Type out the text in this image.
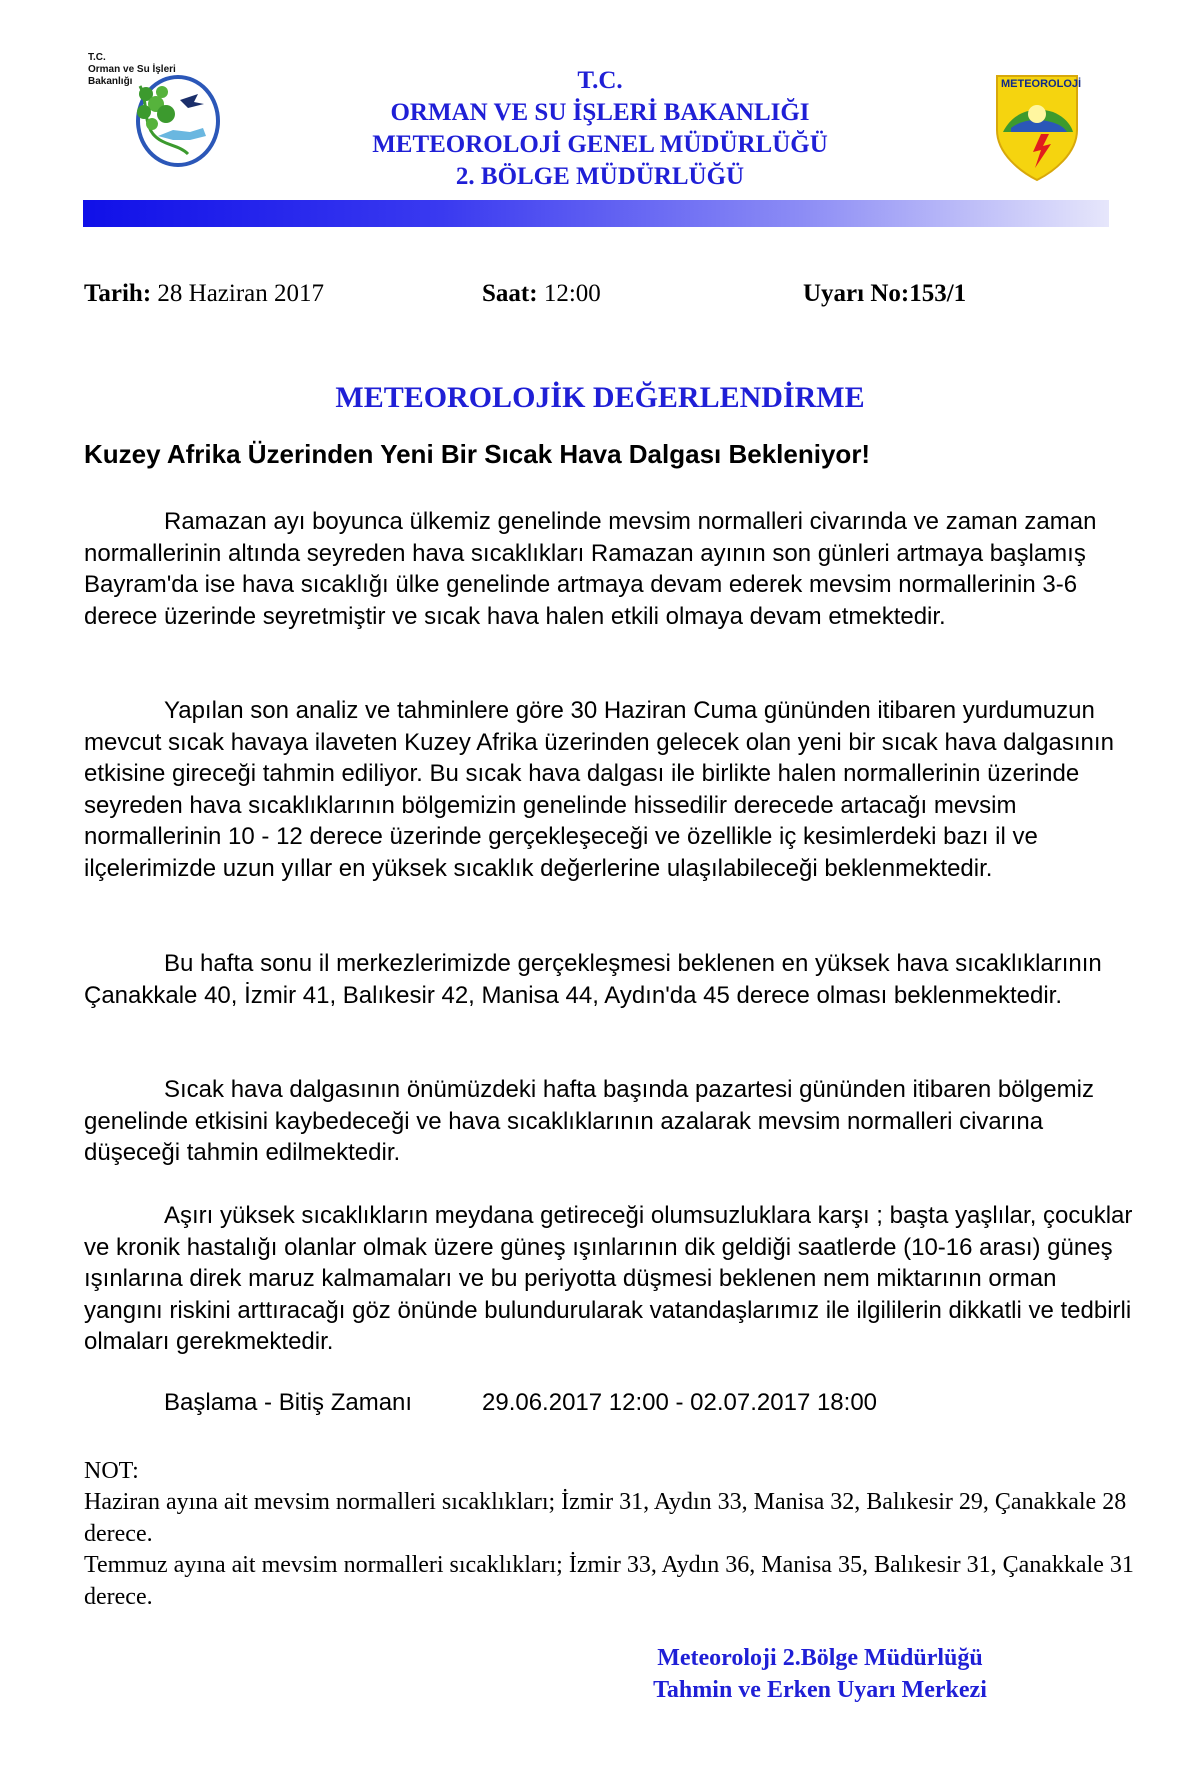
T.C.
Orman ve Su İşleri
Bakanlığı	METEOROLOJİ
T.C.
ORMAN VE SU İŞLERİ BAKANLIĞI
METEOROLOJİ GENEL MÜDÜRLÜĞÜ
2. BÖLGE MÜDÜRLÜĞÜ
Tarih: 28 Haziran 2017	Saat: 12:00	Uyarı No:153/1
METEOROLOJİK DEĞERLENDİRME
Kuzey Afrika Üzerinden Yeni Bir Sıcak Hava Dalgası Bekleniyor!

Ramazan ayı boyunca ülkemiz genelinde mevsim normalleri civarında ve zaman zaman normallerinin altında seyreden hava sıcaklıkları Ramazan ayının son günleri artmaya başlamış Bayram'da ise hava sıcaklığı ülke genelinde artmaya devam ederek mevsim normallerinin 3-6 derece üzerinde seyretmiştir ve sıcak hava halen etkili olmaya devam etmektedir.

Yapılan son analiz ve tahminlere göre 30 Haziran Cuma gününden itibaren yurdumuzun mevcut sıcak havaya ilaveten Kuzey Afrika üzerinden gelecek olan yeni bir sıcak hava dalgasının etkisine gireceği tahmin ediliyor. Bu sıcak hava dalgası ile birlikte halen normallerinin üzerinde seyreden hava sıcaklıklarının bölgemizin genelinde hissedilir derecede artacağı mevsim normallerinin 10 - 12 derece üzerinde gerçekleşeceği ve özellikle iç kesimlerdeki bazı il ve ilçelerimizde uzun yıllar en yüksek sıcaklık değerlerine ulaşılabileceği beklenmektedir.

Bu hafta sonu il merkezlerimizde gerçekleşmesi beklenen en yüksek hava sıcaklıklarının Çanakkale 40, İzmir 41, Balıkesir 42, Manisa 44, Aydın'da 45 derece olması beklenmektedir.

Sıcak hava dalgasının önümüzdeki hafta başında pazartesi gününden itibaren bölgemiz genelinde etkisini kaybedeceği ve hava sıcaklıklarının azalarak mevsim normalleri civarına düşeceği tahmin edilmektedir.

Aşırı yüksek sıcaklıkların meydana getireceği olumsuzluklara karşı ; başta yaşlılar, çocuklar ve kronik hastalığı olanlar olmak üzere güneş ışınlarının dik geldiği saatlerde (10-16 arası) güneş ışınlarına direk maruz kalmamaları ve bu periyotta düşmesi beklenen nem miktarının orman yangını riskini arttıracağı göz önünde bulundurularak vatandaşlarımız ile ilgililerin dikkatli ve tedbirli olmaları gerekmektedir.

Başlama - Bitiş Zamanı	29.06.2017 12:00 - 02.07.2017 18:00

NOT:

Haziran ayına ait mevsim normalleri sıcaklıkları; İzmir 31, Aydın 33, Manisa 32, Balıkesir 29, Çanakkale 28 derece.

Temmuz ayına ait mevsim normalleri sıcaklıkları; İzmir 33, Aydın 36, Manisa 35, Balıkesir 31, Çanakkale 31 derece.

Meteoroloji 2.Bölge Müdürlüğü
Tahmin ve Erken Uyarı Merkezi
